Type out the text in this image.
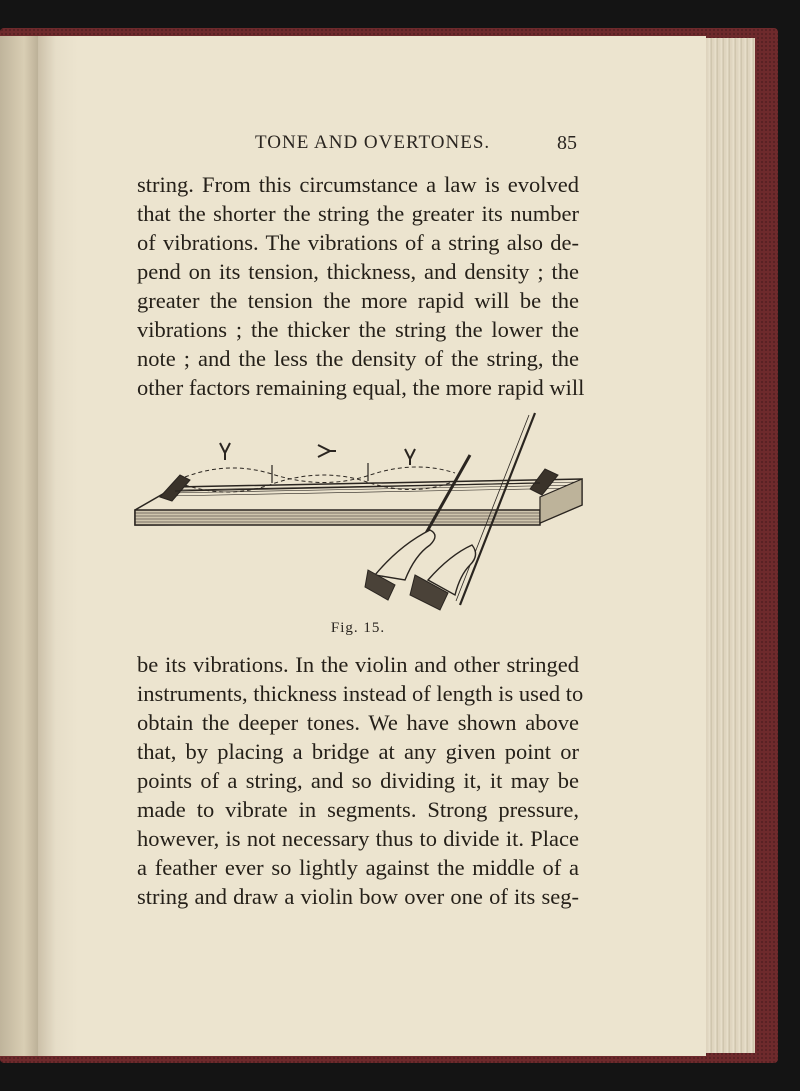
TONE AND OVERTONES.	85
string. From this circumstance a law is evolved
that the shorter the string the greater its number
of vibrations. The vibrations of a string also de-
pend on its tension, thickness, and density ; the
greater the tension the more rapid will be the
vibrations ; the thicker the string the lower the
note ; and the less the density of the string, the
other factors remaining equal, the more rapid will
Fig. 15.
be its vibrations. In the violin and other stringed
instruments, thickness instead of length is used to
obtain the deeper tones. We have shown above
that, by placing a bridge at any given point or
points of a string, and so dividing it, it may be
made to vibrate in segments. Strong pressure,
however, is not necessary thus to divide it. Place
a feather ever so lightly against the middle of a
string and draw a violin bow over one of its seg-
